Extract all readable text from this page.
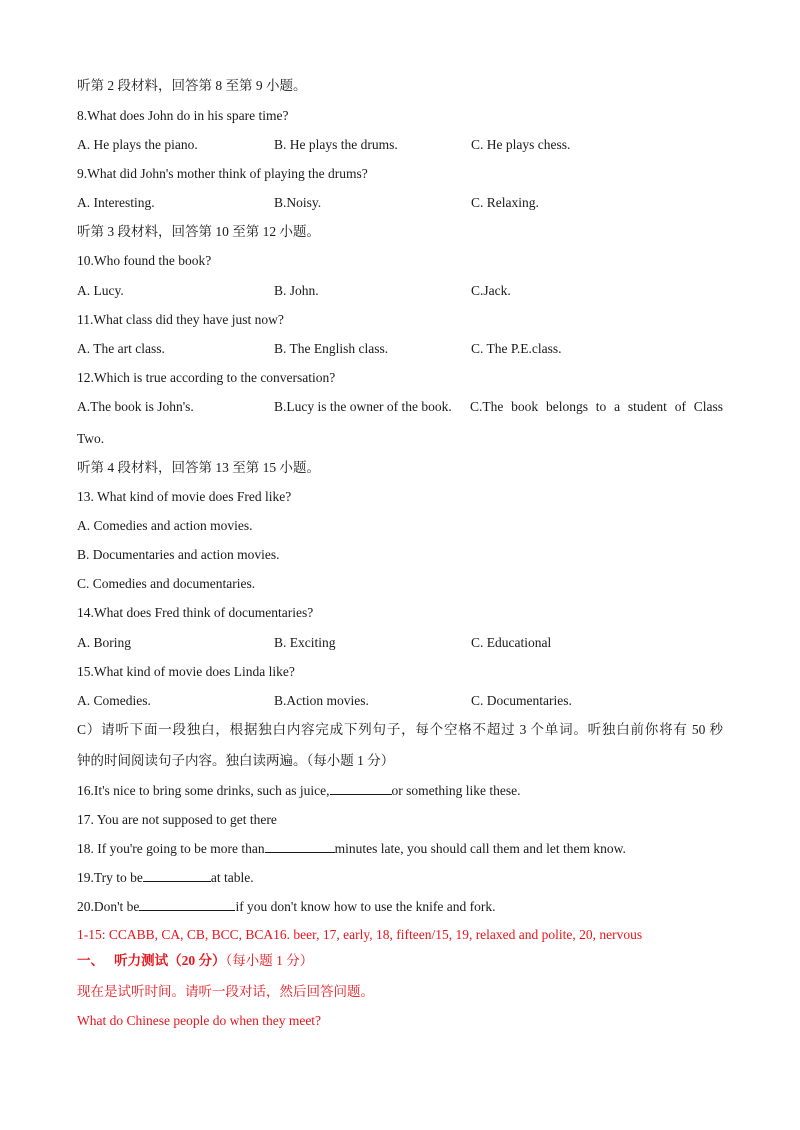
听第 2 段材料，回答第 8 至第 9 小题。
8.What does John do in his spare time?
A. He plays the piano.	B. He plays the drums.	C. He plays chess.
9.What did John's mother think of playing the drums?
A. Interesting.	B.Noisy.	C. Relaxing.
听第 3 段材料，回答第 10 至第 12 小题。
10.Who found the book?
A. Lucy.	B. John.	C.Jack.
11.What class did they have just now?
A. The art class.	B. The English class.	C. The P.E.class.
12.Which is true according to the conversation?
A.The book is John's.	B.Lucy is the owner of the book. C.The book belongs to a student of Class
Two.
听第 4 段材料，回答第 13 至第 15 小题。
13. What kind of movie does Fred like?
A. Comedies and action movies.
B. Documentaries and action movies.
C. Comedies and documentaries.
14.What does Fred think of documentaries?
A. Boring	B. Exciting	C. Educational
15.What kind of movie does Linda like?
A. Comedies.	B.Action movies.	C. Documentaries.
C）请听下面一段独白，根据独白内容完成下列句子，每个空格不超过 3 个单词。听独白前你将有 50 秒
钟的时间阅读句子内容。独白读两遍。（每小题 1 分）
16.It's nice to bring some drinks, such as juice,	or something like these.
17. You are not supposed to get there
18. If you're going to be more than	minutes late, you should call them and let them know.
19.Try to be	at table.
20.Don't be	if you don't know how to use the knife and fork.
1-15: CCABB, CA, CB, BCC, BCA16. beer, 17, early, 18, fifteen/15, 19, relaxed and polite, 20, nervous
一、 听力测试（20 分）（每小题 1 分）
现在是试听时间。请听一段对话，然后回答问题。
What do Chinese people do when they meet?
